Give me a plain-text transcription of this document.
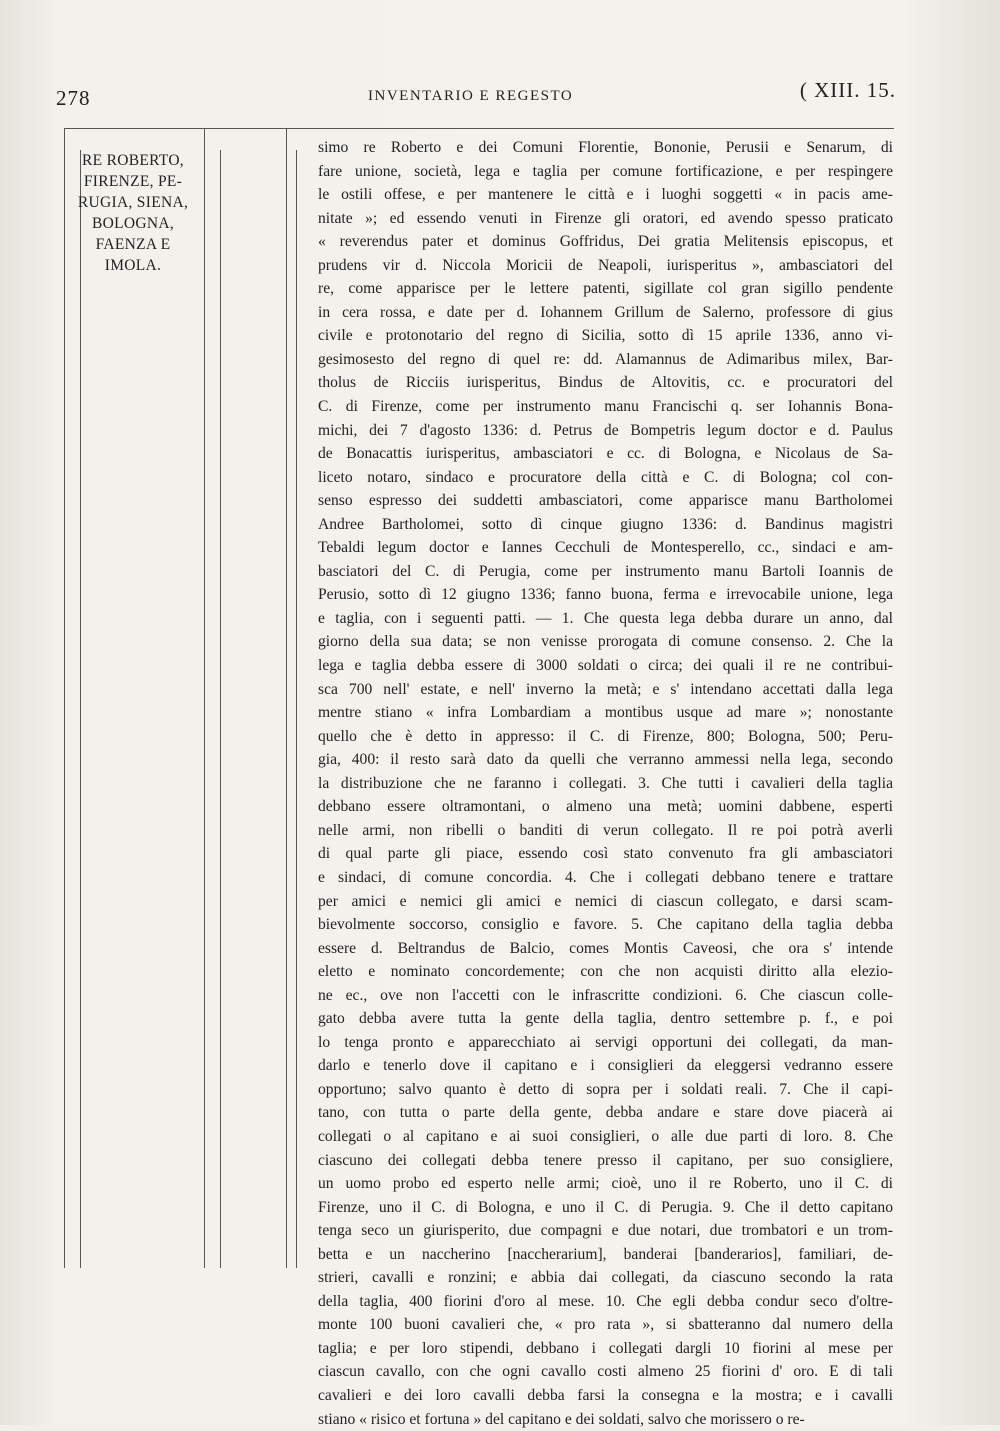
278	INVENTARIO E REGESTO	( XIII. 15.
RE ROBERTO,
FIRENZE, PE-
RUGIA, SIENA,
BOLOGNA,
FAENZA E
IMOLA.
simo re Roberto e dei Comuni Florentie, Bononie, Perusii e Senarum, di
fare unione, società, lega e taglia per comune fortificazione, e per respingere
le ostili offese, e per mantenere le città e i luoghi soggetti « in pacis ame-
nitate »; ed essendo venuti in Firenze gli oratori, ed avendo spesso praticato
« reverendus pater et dominus Goffridus, Dei gratia Melitensis episcopus, et
prudens vir d. Niccola Moricii de Neapoli, iurisperitus », ambasciatori del
re, come apparisce per le lettere patenti, sigillate col gran sigillo pendente
in cera rossa, e date per d. Iohannem Grillum de Salerno, professore di gius
civile e protonotario del regno di Sicilia, sotto dì 15 aprile 1336, anno vi-
gesimosesto del regno di quel re: dd. Alamannus de Adimaribus milex, Bar-
tholus de Ricciis iurisperitus, Bindus de Altovitis, cc. e procuratori del
C. di Firenze, come per instrumento manu Francischi q. ser Iohannis Bona-
michi, dei 7 d'agosto 1336: d. Petrus de Bompetris legum doctor e d. Paulus
de Bonacattis iurisperitus, ambasciatori e cc. di Bologna, e Nicolaus de Sa-
liceto notaro, sindaco e procuratore della città e C. di Bologna; col con-
senso espresso dei suddetti ambasciatori, come apparisce manu Bartholomei
Andree Bartholomei, sotto dì cinque giugno 1336: d. Bandinus magistri
Tebaldi legum doctor e Iannes Cecchuli de Montesperello, cc., sindaci e am-
basciatori del C. di Perugia, come per instrumento manu Bartoli Ioannis de
Perusio, sotto dì 12 giugno 1336; fanno buona, ferma e irrevocabile unione, lega
e taglia, con i seguenti patti. — 1. Che questa lega debba durare un anno, dal
giorno della sua data; se non venisse prorogata di comune consenso. 2. Che la
lega e taglia debba essere di 3000 soldati o circa; dei quali il re ne contribui-
sca 700 nell' estate, e nell' inverno la metà; e s' intendano accettati dalla lega
mentre stiano « infra Lombardiam a montibus usque ad mare »; nonostante
quello che è detto in appresso: il C. di Firenze, 800; Bologna, 500; Peru-
gia, 400: il resto sarà dato da quelli che verranno ammessi nella lega, secondo
la distribuzione che ne faranno i collegati. 3. Che tutti i cavalieri della taglia
debbano essere oltramontani, o almeno una metà; uomini dabbene, esperti
nelle armi, non ribelli o banditi di verun collegato. Il re poi potrà averli
di qual parte gli piace, essendo così stato convenuto fra gli ambasciatori
e sindaci, di comune concordia. 4. Che i collegati debbano tenere e trattare
per amici e nemici gli amici e nemici di ciascun collegato, e darsi scam-
bievolmente soccorso, consiglio e favore. 5. Che capitano della taglia debba
essere d. Beltrandus de Balcio, comes Montis Caveosi, che ora s' intende
eletto e nominato concordemente; con che non acquisti diritto alla elezio-
ne ec., ove non l'accetti con le infrascritte condizioni. 6. Che ciascun colle-
gato debba avere tutta la gente della taglia, dentro settembre p. f., e poi
lo tenga pronto e apparecchiato ai servigi opportuni dei collegati, da man-
darlo e tenerlo dove il capitano e i consiglieri da eleggersi vedranno essere
opportuno; salvo quanto è detto di sopra per i soldati reali. 7. Che il capi-
tano, con tutta o parte della gente, debba andare e stare dove piacerà ai
collegati o al capitano e ai suoi consiglieri, o alle due parti di loro. 8. Che
ciascuno dei collegati debba tenere presso il capitano, per suo consigliere,
un uomo probo ed esperto nelle armi; cioè, uno il re Roberto, uno il C. di
Firenze, uno il C. di Bologna, e uno il C. di Perugia. 9. Che il detto capitano
tenga seco un giurisperito, due compagni e due notari, due trombatori e un trom-
betta e un naccherino [naccherarium], banderai [banderarios], familiari, de-
strieri, cavalli e ronzini; e abbia dai collegati, da ciascuno secondo la rata
della taglia, 400 fiorini d'oro al mese. 10. Che egli debba condur seco d'oltre-
monte 100 buoni cavalieri che, « pro rata », si sbatteranno dal numero della
taglia; e per loro stipendi, debbano i collegati dargli 10 fiorini al mese per
ciascun cavallo, con che ogni cavallo costi almeno 25 fiorini d' oro. E di tali
cavalieri e dei loro cavalli debba farsi la consegna e la mostra; e i cavalli
stiano « risico et fortuna » del capitano e dei soldati, salvo che morissero o re-
